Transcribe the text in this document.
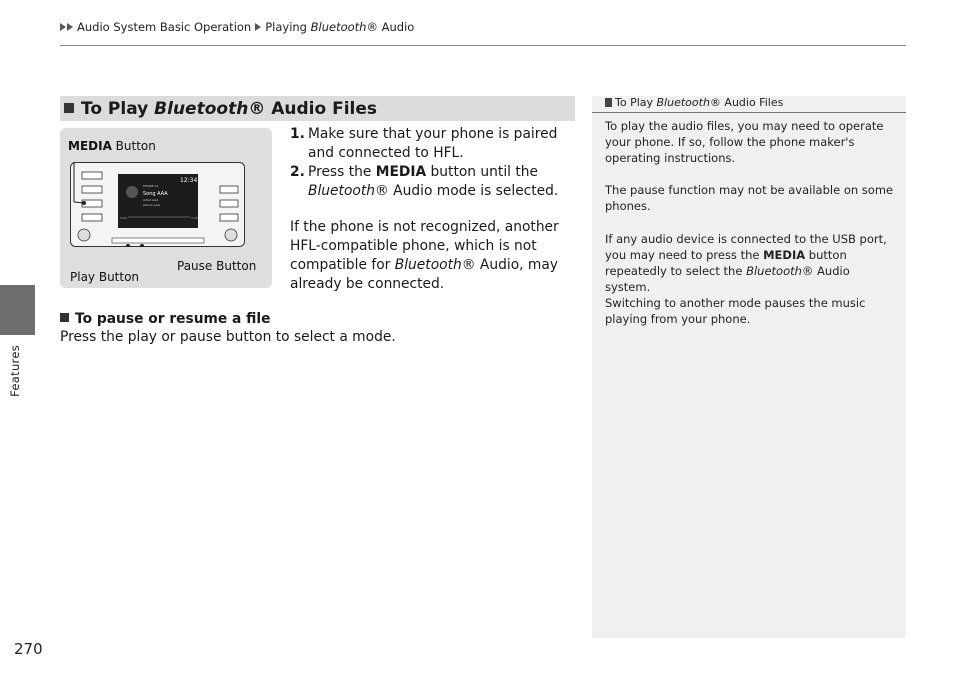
Audio System Basic Operation Playing Bluetooth® Audio
Features
270
To Play Bluetooth® Audio Files
MEDIA Button
12:34
PHONE A1
Song AAA
Artist AAA
Album AAA
0:00	3:45
Pause Button
Play Button
1. Make sure that your phone is paired and connected to HFL.
2. Press the MEDIA button until the Bluetooth® Audio mode is selected.
If the phone is not recognized, another HFL-compatible phone, which is not compatible for Bluetooth® Audio, may already be connected.
To pause or resume a file
Press the play or pause button to select a mode.
To Play Bluetooth® Audio Files
To play the audio files, you may need to operate your phone. If so, follow the phone maker's operating instructions.
The pause function may not be available on some phones.
If any audio device is connected to the USB port, you may need to press the MEDIA button repeatedly to select the Bluetooth® Audio system.
Switching to another mode pauses the music playing from your phone.
